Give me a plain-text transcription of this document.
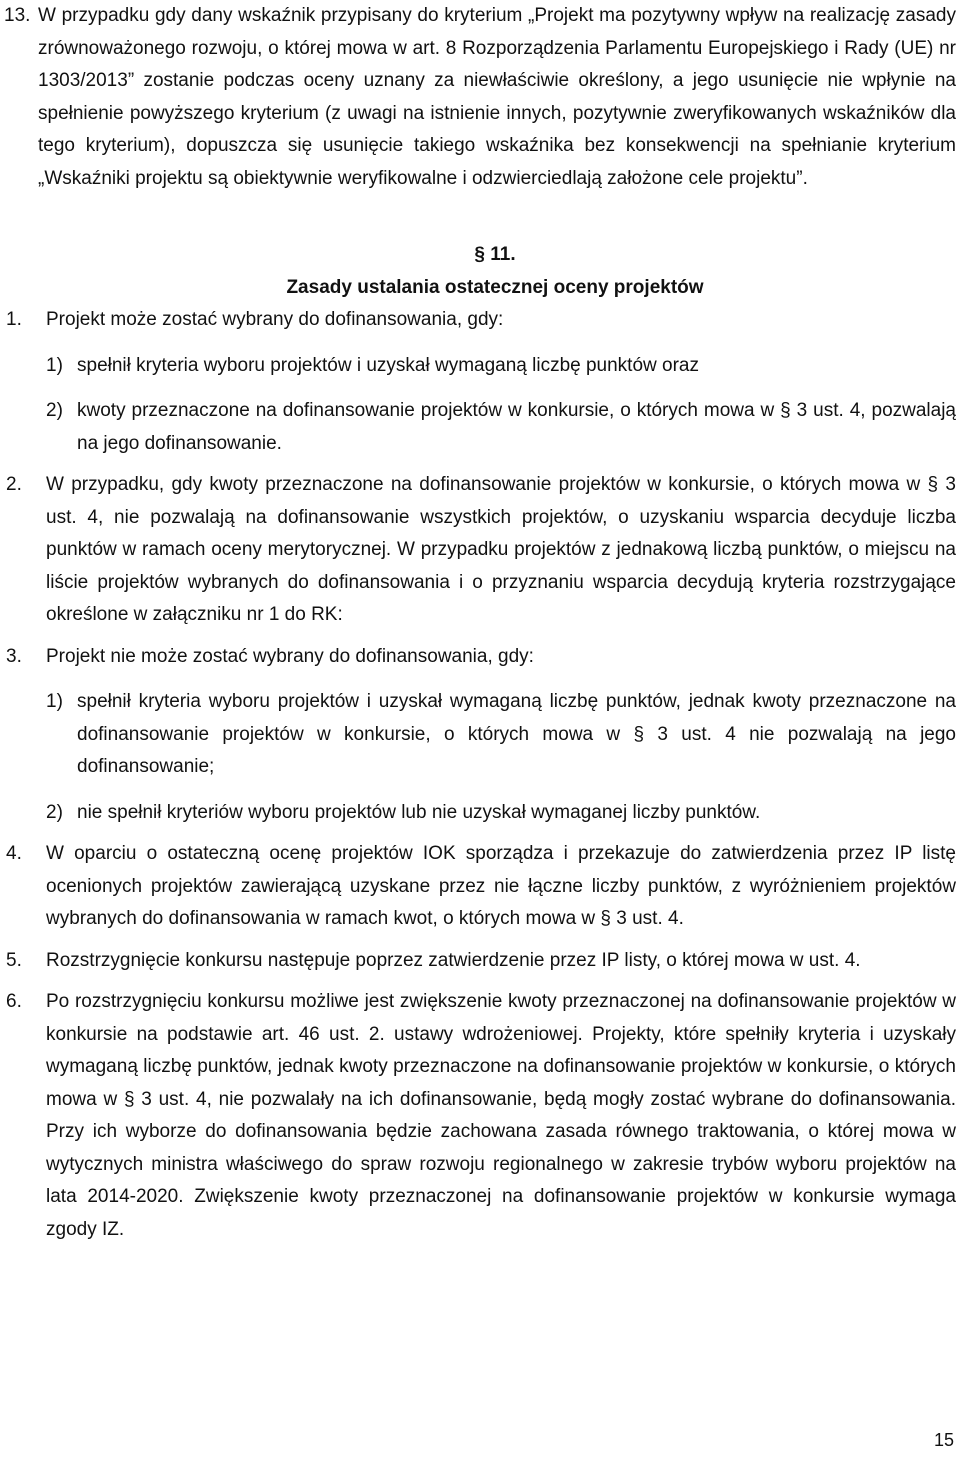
13. W przypadku gdy dany wskaźnik przypisany do kryterium „Projekt ma pozytywny wpływ na realizację zasady zrównoważonego rozwoju, o której mowa w art. 8 Rozporządzenia Parlamentu Europejskiego i Rady (UE) nr 1303/2013” zostanie podczas oceny uznany za niewłaściwie określony, a jego usunięcie nie wpłynie na spełnienie powyższego kryterium (z uwagi na istnienie innych, pozytywnie zweryfikowanych wskaźników dla tego kryterium), dopuszcza się usunięcie takiego wskaźnika bez konsekwencji na spełnianie kryterium „Wskaźniki projektu są obiektywnie weryfikowalne i odzwierciedlają założone cele projektu”.

§ 11.

Zasady ustalania ostatecznej oceny projektów

1. Projekt może zostać wybrany do dofinansowania, gdy:

1) spełnił kryteria wyboru projektów i uzyskał wymaganą liczbę punktów oraz

2) kwoty przeznaczone na dofinansowanie projektów w konkursie, o których mowa w § 3 ust. 4, pozwalają na jego dofinansowanie.

2. W przypadku, gdy kwoty przeznaczone na dofinansowanie projektów w konkursie, o których mowa w § 3 ust. 4, nie pozwalają na dofinansowanie wszystkich projektów, o uzyskaniu wsparcia decyduje liczba punktów w ramach oceny merytorycznej. W przypadku projektów z jednakową liczbą punktów, o miejscu na liście projektów wybranych do dofinansowania i o przyznaniu wsparcia decydują kryteria rozstrzygające określone w załączniku nr 1 do RK:

3. Projekt nie może zostać wybrany do dofinansowania, gdy:

1) spełnił kryteria wyboru projektów i uzyskał wymaganą liczbę punktów, jednak kwoty przeznaczone na dofinansowanie projektów w konkursie, o których mowa w § 3 ust. 4 nie pozwalają na jego dofinansowanie;

2) nie spełnił kryteriów wyboru projektów lub nie uzyskał wymaganej liczby punktów.

4. W oparciu o ostateczną ocenę projektów IOK sporządza i przekazuje do zatwierdzenia przez IP listę ocenionych projektów zawierającą uzyskane przez nie łączne liczby punktów, z wyróżnieniem projektów wybranych do dofinansowania w ramach kwot, o których mowa w § 3 ust. 4.

5. Rozstrzygnięcie konkursu następuje poprzez zatwierdzenie przez IP listy, o której mowa w ust. 4.

6. Po rozstrzygnięciu konkursu możliwe jest zwiększenie kwoty przeznaczonej na dofinansowanie projektów w konkursie na podstawie art. 46 ust. 2. ustawy wdrożeniowej. Projekty, które spełniły kryteria i uzyskały wymaganą liczbę punktów, jednak kwoty przeznaczone na dofinansowanie projektów w konkursie, o których mowa w § 3 ust. 4, nie pozwalały na ich dofinansowanie, będą mogły zostać wybrane do dofinansowania. Przy ich wyborze do dofinansowania będzie zachowana zasada równego traktowania, o której mowa w wytycznych ministra właściwego do spraw rozwoju regionalnego w zakresie trybów wyboru projektów na lata 2014-2020. Zwiększenie kwoty przeznaczonej na dofinansowanie projektów w konkursie wymaga zgody IZ.

15
